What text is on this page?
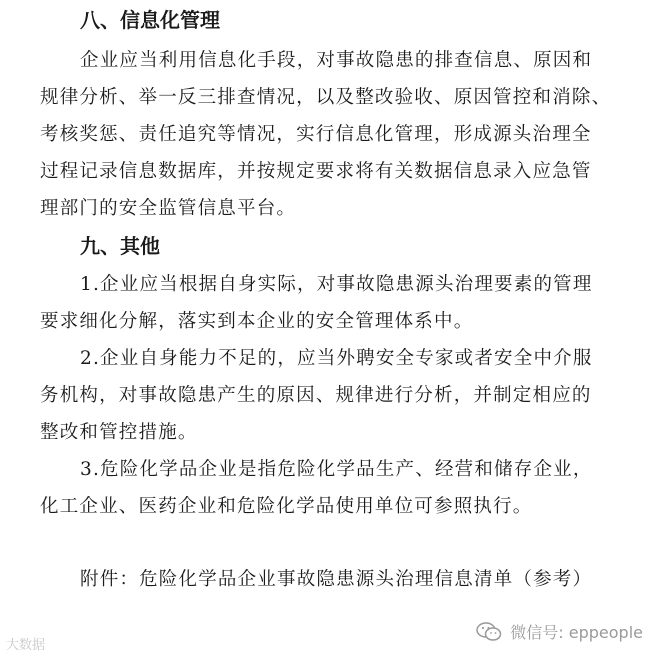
八、信息化管理
企业应当利用信息化手段，对事故隐患的排查信息、原因和
规律分析、举一反三排查情况，以及整改验收、原因管控和消除、
考核奖惩、责任追究等情况，实行信息化管理，形成源头治理全
过程记录信息数据库，并按规定要求将有关数据信息录入应急管
理部门的安全监管信息平台。
九、其他
1.企业应当根据自身实际，对事故隐患源头治理要素的管理
要求细化分解，落实到本企业的安全管理体系中。
2.企业自身能力不足的，应当外聘安全专家或者安全中介服
务机构，对事故隐患产生的原因、规律进行分析，并制定相应的
整改和管控措施。
3.危险化学品企业是指危险化学品生产、经营和储存企业，
化工企业、医药企业和危险化学品使用单位可参照执行。
附件：危险化学品企业事故隐患源头治理信息清单（参考）
大数据
微信号: eppeople
